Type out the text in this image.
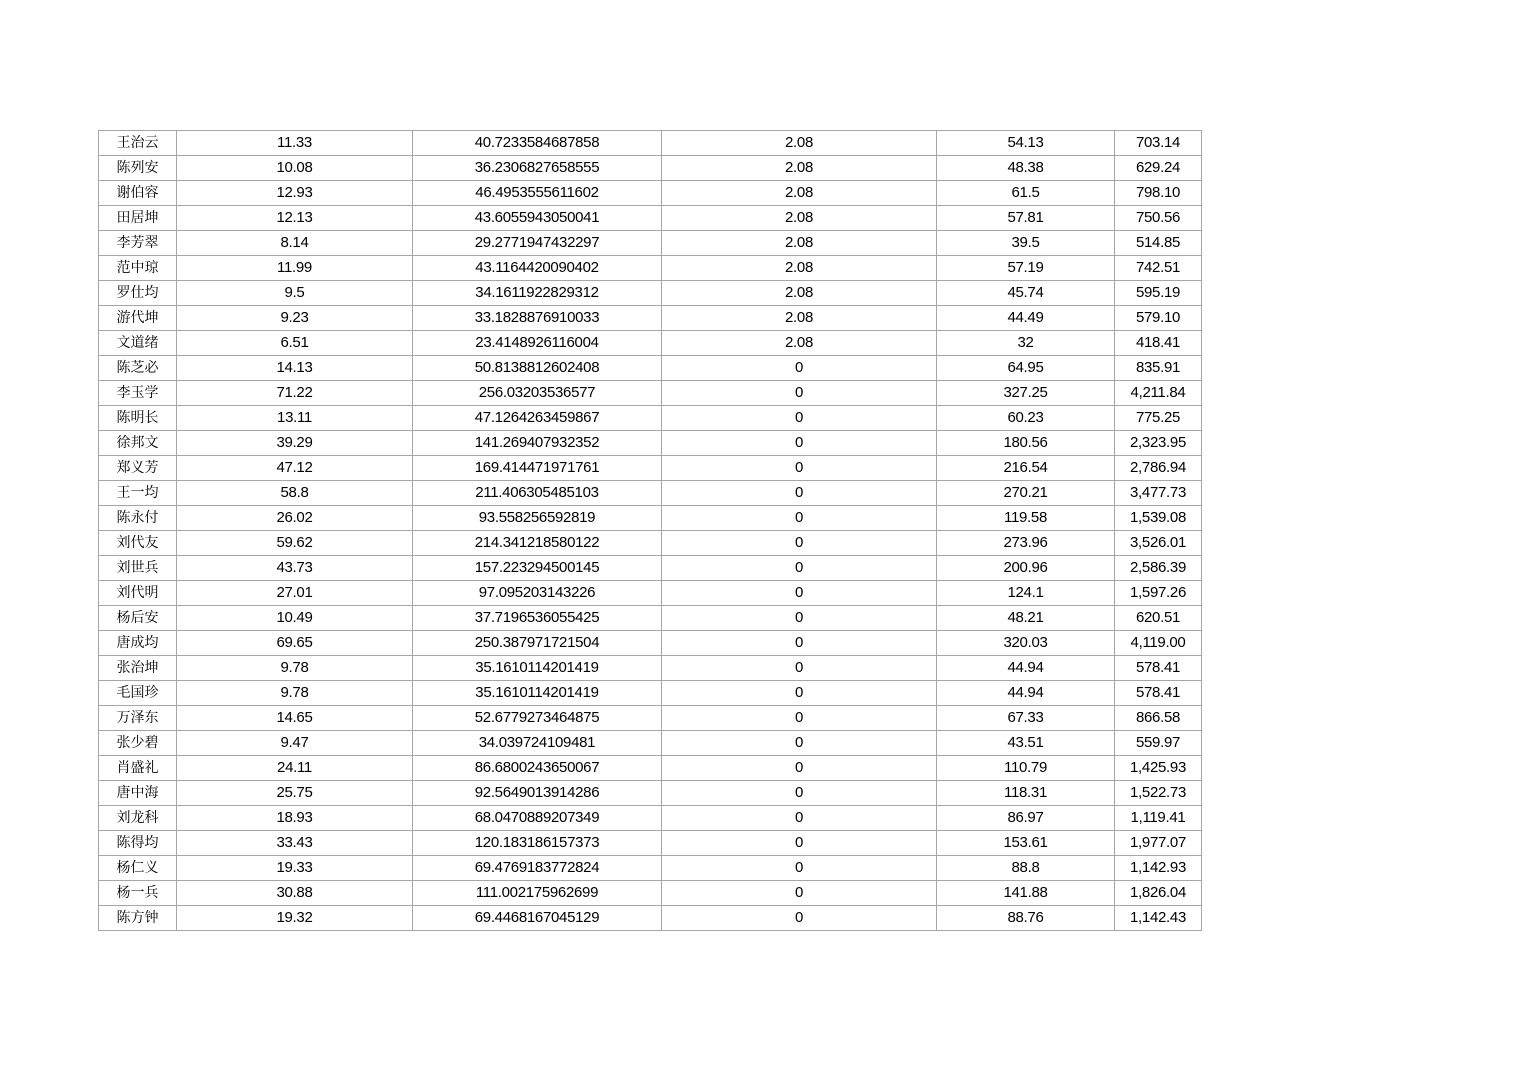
王治云	11.33	40.7233584687858	2.08	54.13	703.14
陈列安	10.08	36.2306827658555	2.08	48.38	629.24
谢伯容	12.93	46.4953555611602	2.08	61.5	798.10
田居坤	12.13	43.6055943050041	2.08	57.81	750.56
李芳翠	8.14	29.2771947432297	2.08	39.5	514.85
范中琼	11.99	43.1164420090402	2.08	57.19	742.51
罗仕均	9.5	34.1611922829312	2.08	45.74	595.19
游代坤	9.23	33.1828876910033	2.08	44.49	579.10
文道绪	6.51	23.4148926116004	2.08	32	418.41
陈芝必	14.13	50.8138812602408	0	64.95	835.91
李玉学	71.22	256.03203536577	0	327.25	4,211.84
陈明长	13.11	47.1264263459867	0	60.23	775.25
徐邦文	39.29	141.269407932352	0	180.56	2,323.95
郑义芳	47.12	169.414471971761	0	216.54	2,786.94
王一均	58.8	211.406305485103	0	270.21	3,477.73
陈永付	26.02	93.558256592819	0	119.58	1,539.08
刘代友	59.62	214.341218580122	0	273.96	3,526.01
刘世兵	43.73	157.223294500145	0	200.96	2,586.39
刘代明	27.01	97.095203143226	0	124.1	1,597.26
杨后安	10.49	37.7196536055425	0	48.21	620.51
唐成均	69.65	250.387971721504	0	320.03	4,119.00
张治坤	9.78	35.1610114201419	0	44.94	578.41
毛国珍	9.78	35.1610114201419	0	44.94	578.41
万泽东	14.65	52.6779273464875	0	67.33	866.58
张少碧	9.47	34.039724109481	0	43.51	559.97
肖盛礼	24.11	86.6800243650067	0	110.79	1,425.93
唐中海	25.75	92.5649013914286	0	118.31	1,522.73
刘龙科	18.93	68.0470889207349	0	86.97	1,119.41
陈得均	33.43	120.183186157373	0	153.61	1,977.07
杨仁义	19.33	69.4769183772824	0	88.8	1,142.93
杨一兵	30.88	111.002175962699	0	141.88	1,826.04
陈方钟	19.32	69.4468167045129	0	88.76	1,142.43
